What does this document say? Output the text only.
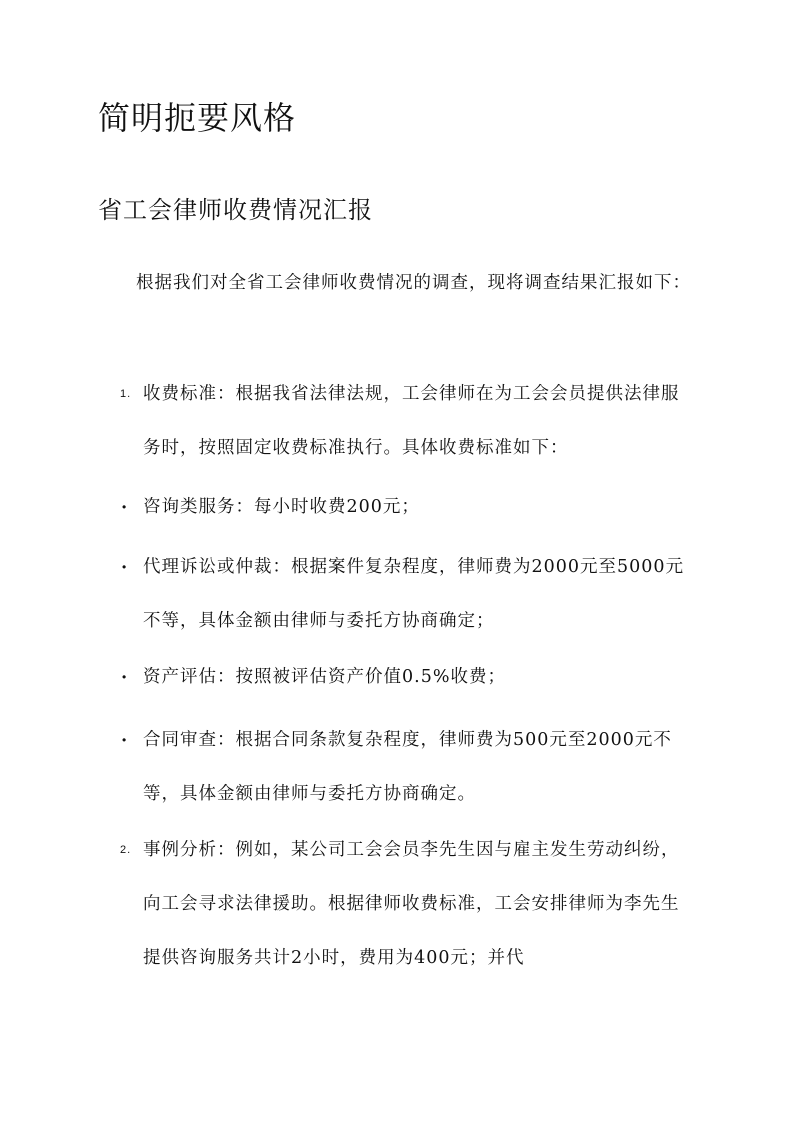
简明扼要风格
省工会律师收费情况汇报

根据我们对全省工会律师收费情况的调查，现将调查结果汇报如下：

1. 收费标准：根据我省法律法规，工会律师在为工会会员提供法律服务时，按照固定收费标准执行。具体收费标准如下：
• 咨询类服务：每小时收费200元；
• 代理诉讼或仲裁：根据案件复杂程度，律师费为2000元至5000元不等，具体金额由律师与委托方协商确定；
• 资产评估：按照被评估资产价值0.5%收费；
• 合同审查：根据合同条款复杂程度，律师费为500元至2000元不等，具体金额由律师与委托方协商确定。
2. 事例分析：例如，某公司工会会员李先生因与雇主发生劳动纠纷，向工会寻求法律援助。根据律师收费标准，工会安排律师为李先生提供咨询服务共计2小时，费用为400元；并代
